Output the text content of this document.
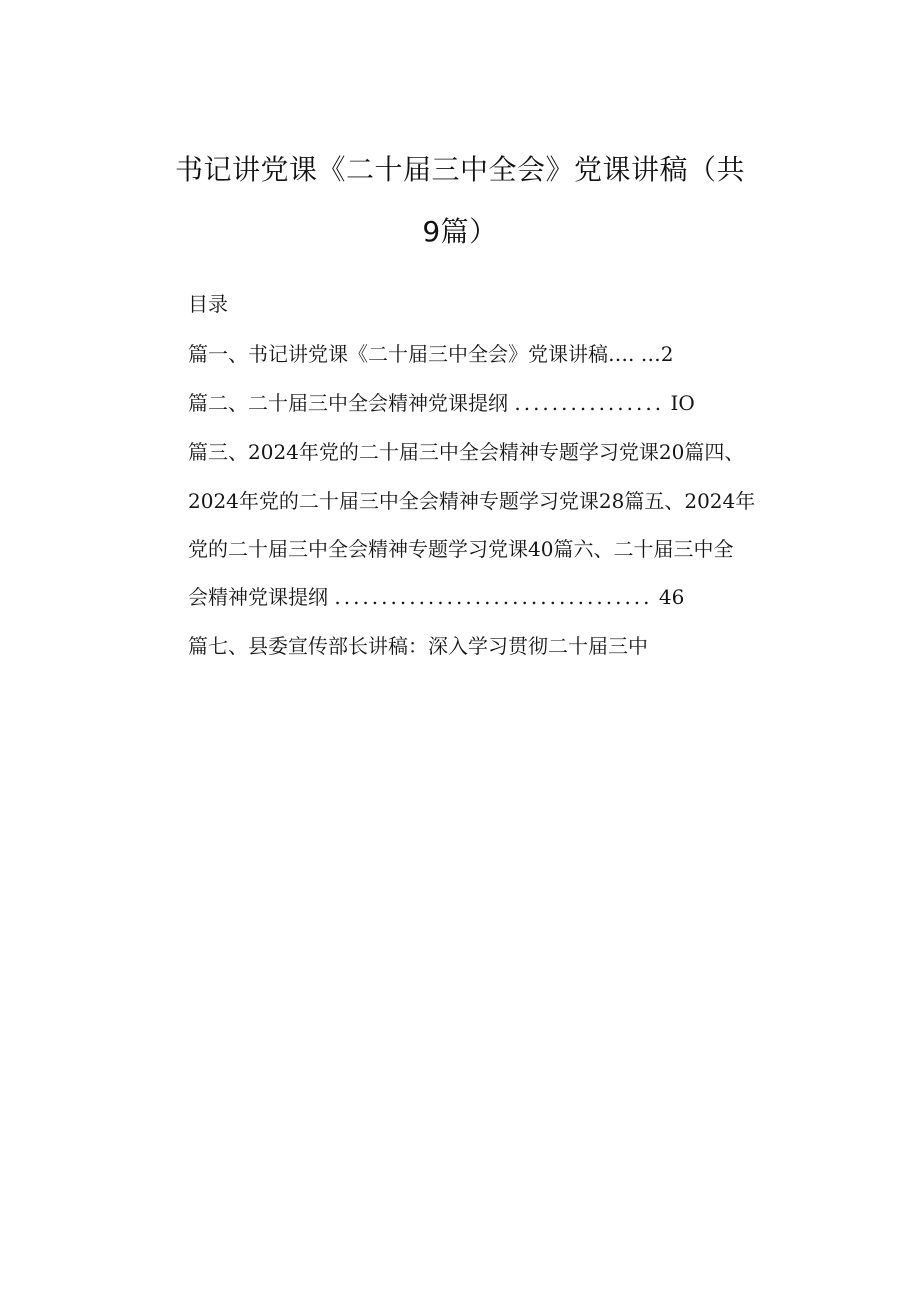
书记讲党课《二十届三中全会》党课讲稿（共
9篇）
目录
篇一、书记讲党课《二十届三中全会》党课讲稿…. …2
篇二、二十届三中全会精神党课提纲 ................ IO
篇三、2024年党的二十届三中全会精神专题学习党课20篇四、
2024年党的二十届三中全会精神专题学习党课28篇五、2024年
党的二十届三中全会精神专题学习党课40篇六、二十届三中全
会精神党课提纲 .................................. 46
篇七、县委宣传部长讲稿：深入学习贯彻二十届三中
